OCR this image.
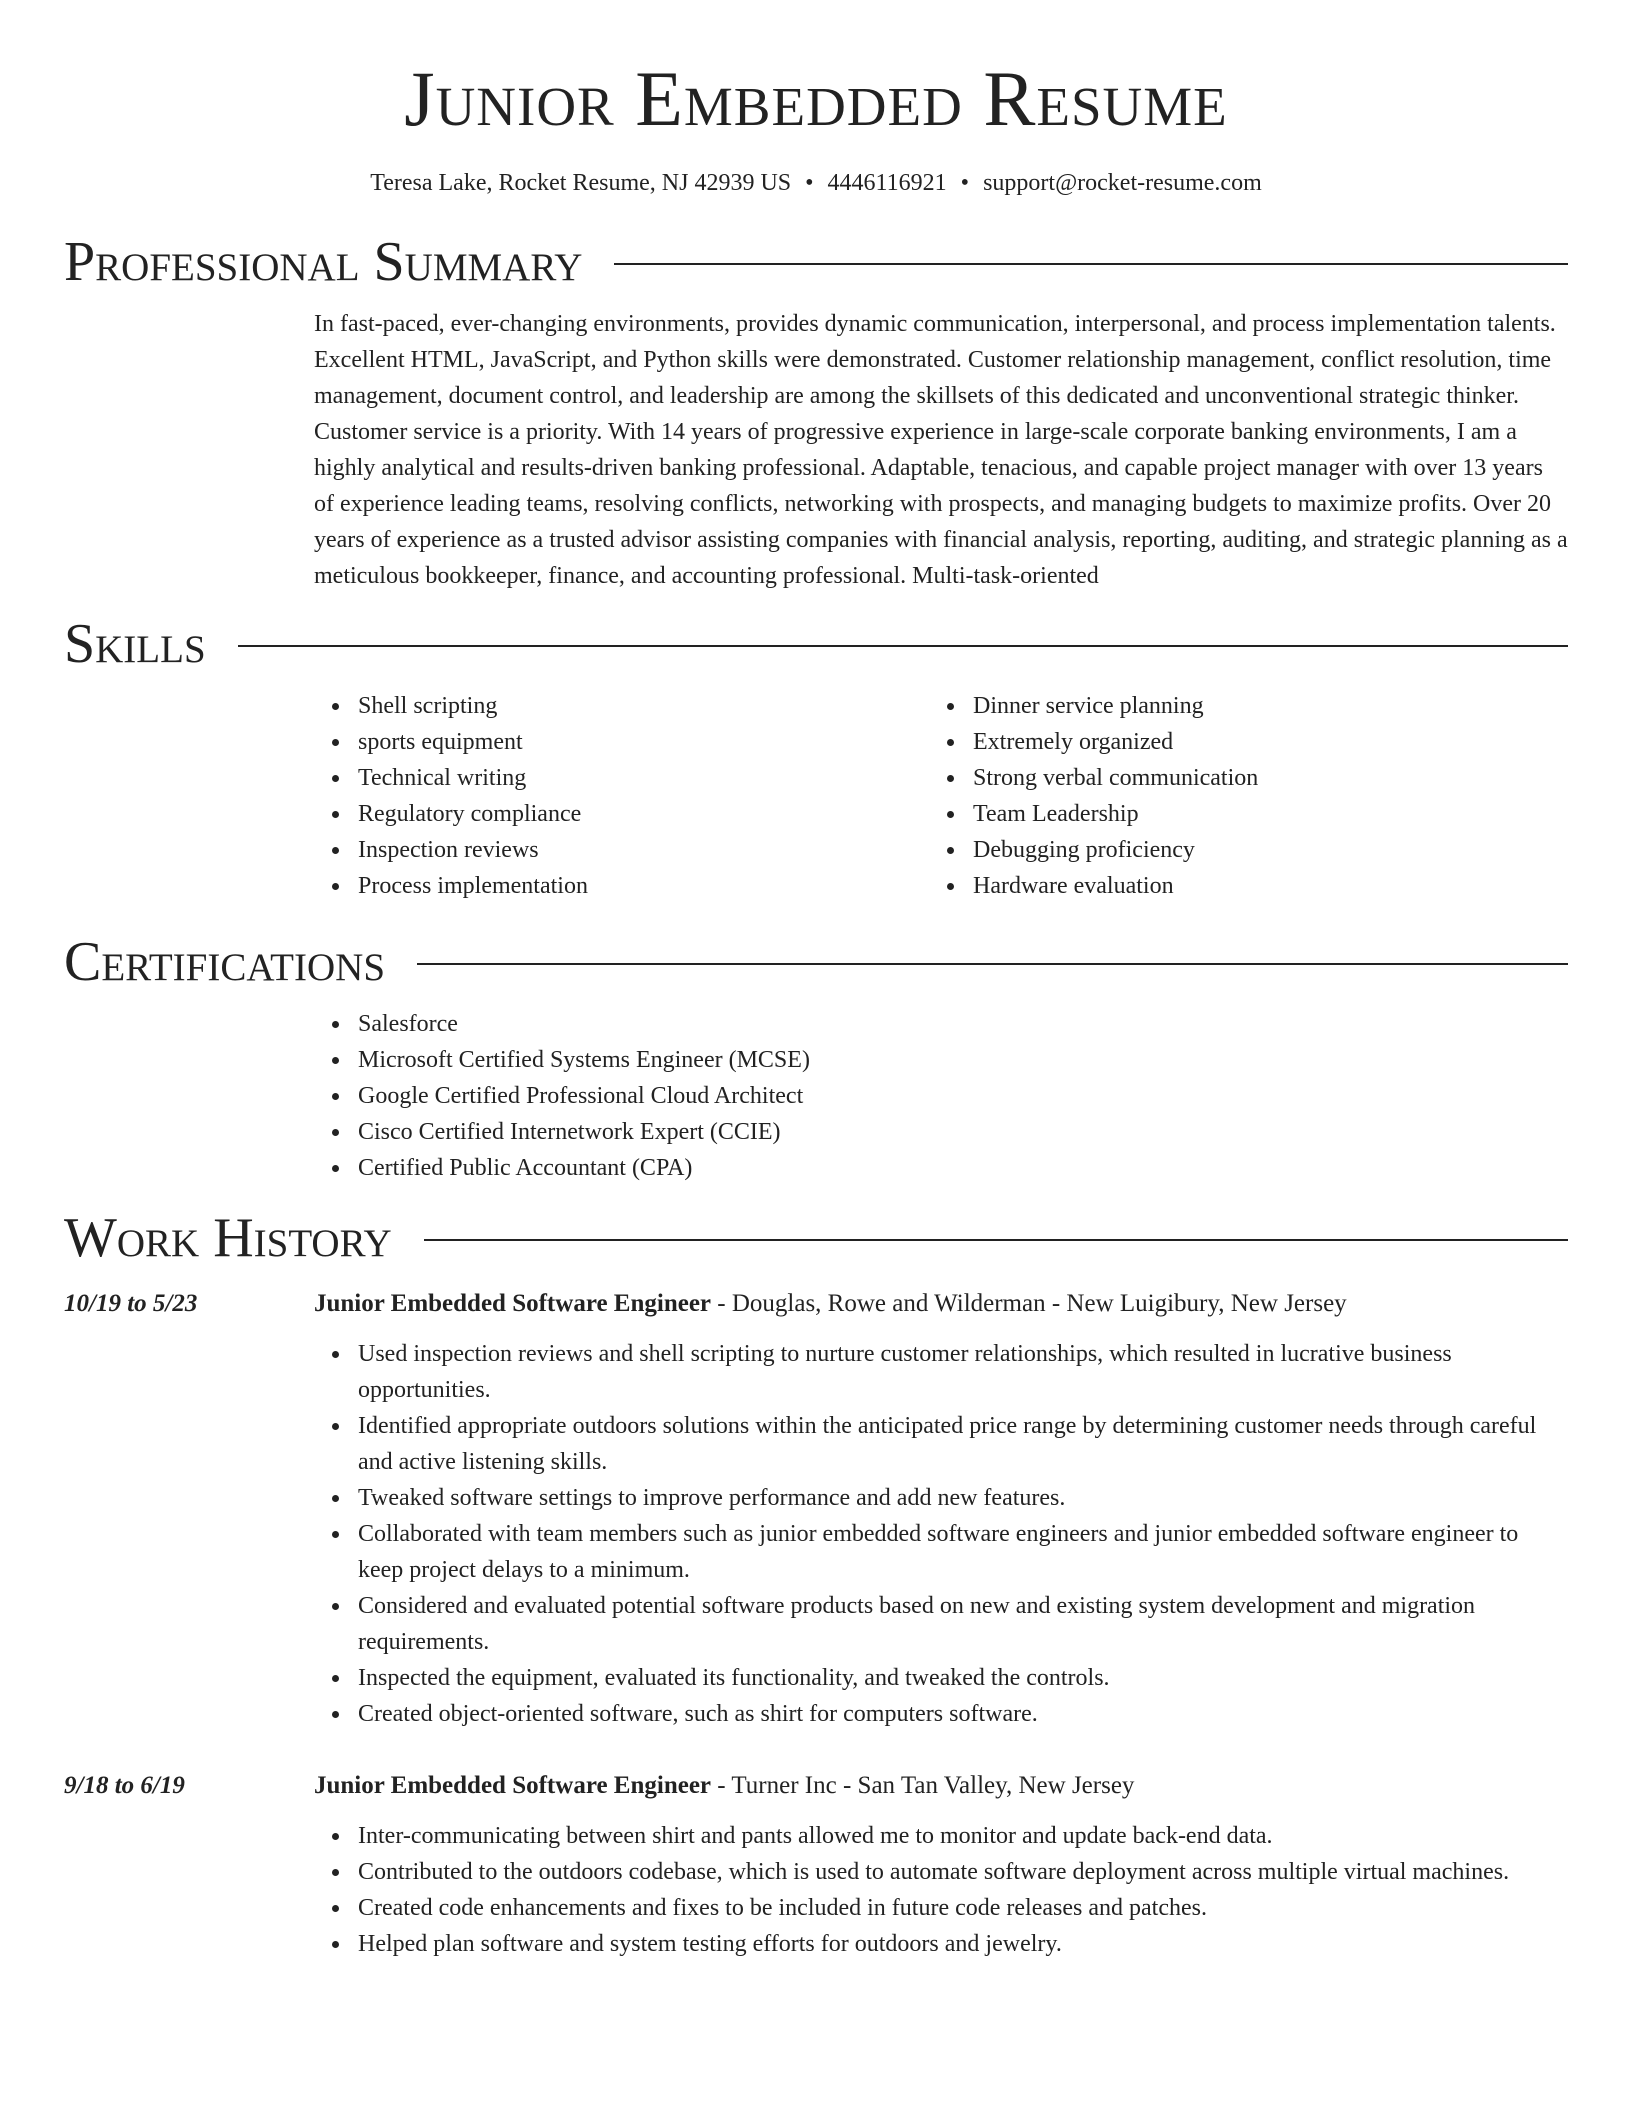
Junior Embedded Resume
Teresa Lake, Rocket Resume, NJ 42939 US • 4446116921 • support@rocket-resume.com
Professional Summary

In fast-paced, ever-changing environments, provides dynamic communication, interpersonal, and process implementation talents. Excellent HTML, JavaScript, and Python skills were demonstrated. Customer relationship management, conflict resolution, time management, document control, and leadership are among the skillsets of this dedicated and unconventional strategic thinker. Customer service is a priority. With 14 years of progressive experience in large-scale corporate banking environments, I am a highly analytical and results-driven banking professional. Adaptable, tenacious, and capable project manager with over 13 years of experience leading teams, resolving conflicts, networking with prospects, and managing budgets to maximize profits. Over 20 years of experience as a trusted advisor assisting companies with financial analysis, reporting, auditing, and strategic planning as a meticulous bookkeeper, finance, and accounting professional. Multi-task-oriented

Skills
Shell scripting
sports equipment
Technical writing
Regulatory compliance
Inspection reviews
Process implementation
Dinner service planning
Extremely organized
Strong verbal communication
Team Leadership
Debugging proficiency
Hardware evaluation
Certifications
Salesforce
Microsoft Certified Systems Engineer (MCSE)
Google Certified Professional Cloud Architect
Cisco Certified Internetwork Expert (CCIE)
Certified Public Accountant (CPA)
Work History
10/19 to 5/23	Junior Embedded Software Engineer - Douglas, Rowe and Wilderman - New Luigibury, New Jersey
Used inspection reviews and shell scripting to nurture customer relationships, which resulted in lucrative business opportunities.
Identified appropriate outdoors solutions within the anticipated price range by determining customer needs through careful and active listening skills.
Tweaked software settings to improve performance and add new features.
Collaborated with team members such as junior embedded software engineers and junior embedded software engineer to keep project delays to a minimum.
Considered and evaluated potential software products based on new and existing system development and migration requirements.
Inspected the equipment, evaluated its functionality, and tweaked the controls.
Created object-oriented software, such as shirt for computers software.
9/18 to 6/19	Junior Embedded Software Engineer - Turner Inc - San Tan Valley, New Jersey
Inter-communicating between shirt and pants allowed me to monitor and update back-end data.
Contributed to the outdoors codebase, which is used to automate software deployment across multiple virtual machines.
Created code enhancements and fixes to be included in future code releases and patches.
Helped plan software and system testing efforts for outdoors and jewelry.
